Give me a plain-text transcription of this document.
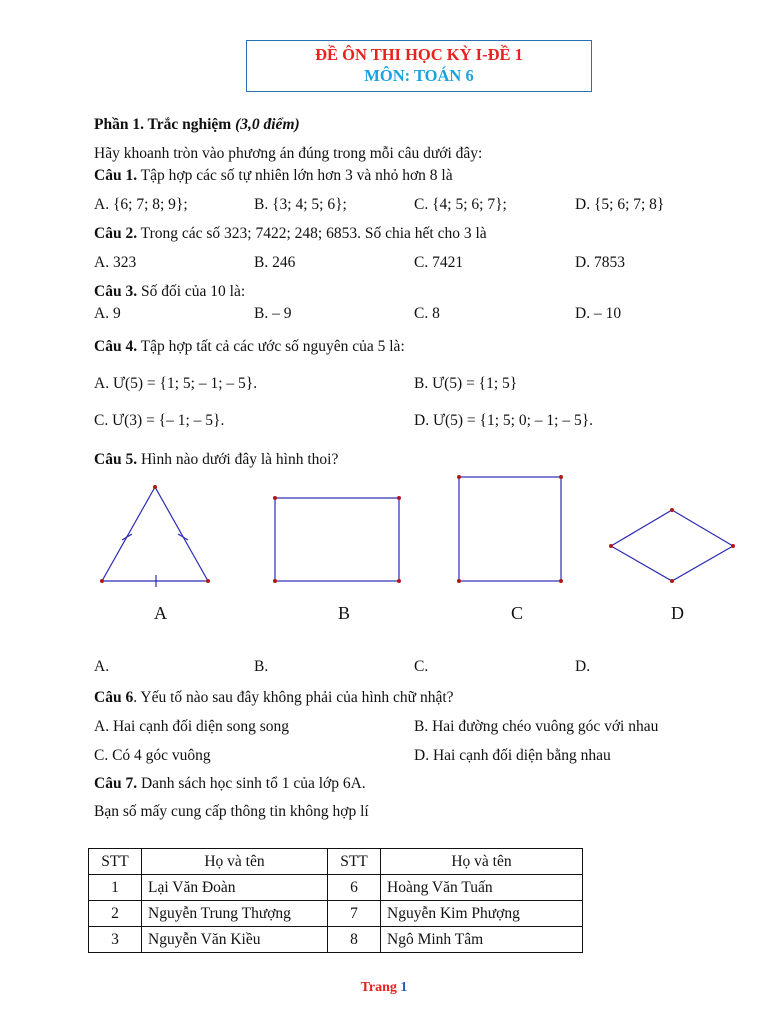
ĐỀ ÔN THI HỌC KỲ I-ĐỀ 1
MÔN: TOÁN 6
Phần 1. Trắc nghiệm (3,0 điểm)
Hãy khoanh tròn vào phương án đúng trong mỗi câu dưới đây:
Câu 1. Tập hợp các số tự nhiên lớn hơn 3 và nhỏ hơn 8 là
A. {6; 7; 8; 9};	B. {3; 4; 5; 6};	C. {4; 5; 6; 7};	D. {5; 6; 7; 8}
Câu 2. Trong các số 323; 7422; 248; 6853. Số chia hết cho 3 là
A. 323	B. 246	C. 7421	D. 7853
Câu 3. Số đối của 10 là:
A. 9	B. – 9	C. 8	D. – 10
Câu 4. Tập hợp tất cả các ước số nguyên của 5 là:
A. Ư(5) = {1; 5; – 1; – 5}.	B. Ư(5) = {1; 5}
C. Ư(3) = {– 1; – 5}.	D. Ư(5) = {1; 5; 0; – 1; – 5}.
Câu 5. Hình nào dưới đây là hình thoi?
A	B	C	D
A.	B.	C.	D.
Câu 6. Yếu tố nào sau đây không phải của hình chữ nhật?
A. Hai cạnh đối diện song song	B. Hai đường chéo vuông góc với nhau
C. Có 4 góc vuông	D. Hai cạnh đối diện bằng nhau
Câu 7. Danh sách học sinh tổ 1 của lớp 6A.
Bạn số mấy cung cấp thông tin không hợp lí
STT	Họ và tên	STT	Họ và tên
1	Lại Văn Đoàn	6	Hoàng Văn Tuấn
2	Nguyễn Trung Thượng	7	Nguyễn Kim Phượng
3	Nguyễn Văn Kiều	8	Ngô Minh Tâm
Trang 1
